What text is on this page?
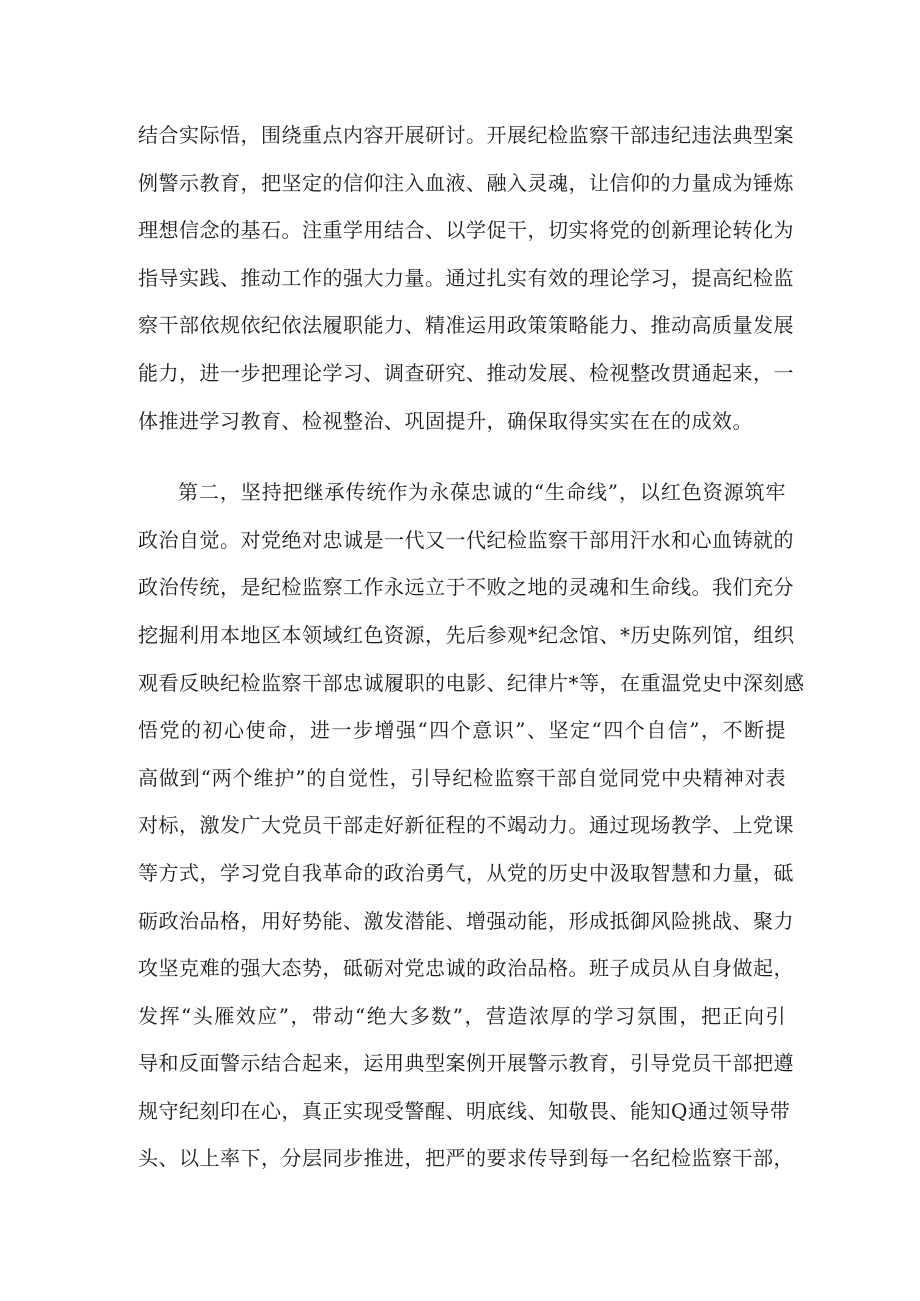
结合实际悟，围绕重点内容开展研讨。开展纪检监察干部违纪违法典型案
例警示教育，把坚定的信仰注入血液、融入灵魂，让信仰的力量成为锤炼
理想信念的基石。注重学用结合、以学促干，切实将党的创新理论转化为
指导实践、推动工作的强大力量。通过扎实有效的理论学习，提高纪检监
察干部依规依纪依法履职能力、精准运用政策策略能力、推动高质量发展
能力，进一步把理论学习、调查研究、推动发展、检视整改贯通起来，一
体推进学习教育、检视整治、巩固提升，确保取得实实在在的成效。
第二，坚持把继承传统作为永葆忠诚的“生命线”，以红色资源筑牢
政治自觉。对党绝对忠诚是一代又一代纪检监察干部用汗水和心血铸就的
政治传统，是纪检监察工作永远立于不败之地的灵魂和生命线。我们充分
挖掘利用本地区本领域红色资源，先后参观*纪念馆、*历史陈列馆，组织
观看反映纪检监察干部忠诚履职的电影、纪律片*等，在重温党史中深刻感
悟党的初心使命，进一步增强“四个意识”、坚定“四个自信”，不断提
高做到“两个维护”的自觉性，引导纪检监察干部自觉同党中央精神对表
对标，激发广大党员干部走好新征程的不竭动力。通过现场教学、上党课
等方式，学习党自我革命的政治勇气，从党的历史中汲取智慧和力量，砥
砺政治品格，用好势能、激发潜能、增强动能，形成抵御风险挑战、聚力
攻坚克难的强大态势，砥砺对党忠诚的政治品格。班子成员从自身做起，
发挥“头雁效应”，带动“绝大多数”，营造浓厚的学习氛围，把正向引
导和反面警示结合起来，运用典型案例开展警示教育，引导党员干部把遵
规守纪刻印在心，真正实现受警醒、明底线、知敬畏、能知Q通过领导带
头、以上率下，分层同步推进，把严的要求传导到每一名纪检监察干部，
